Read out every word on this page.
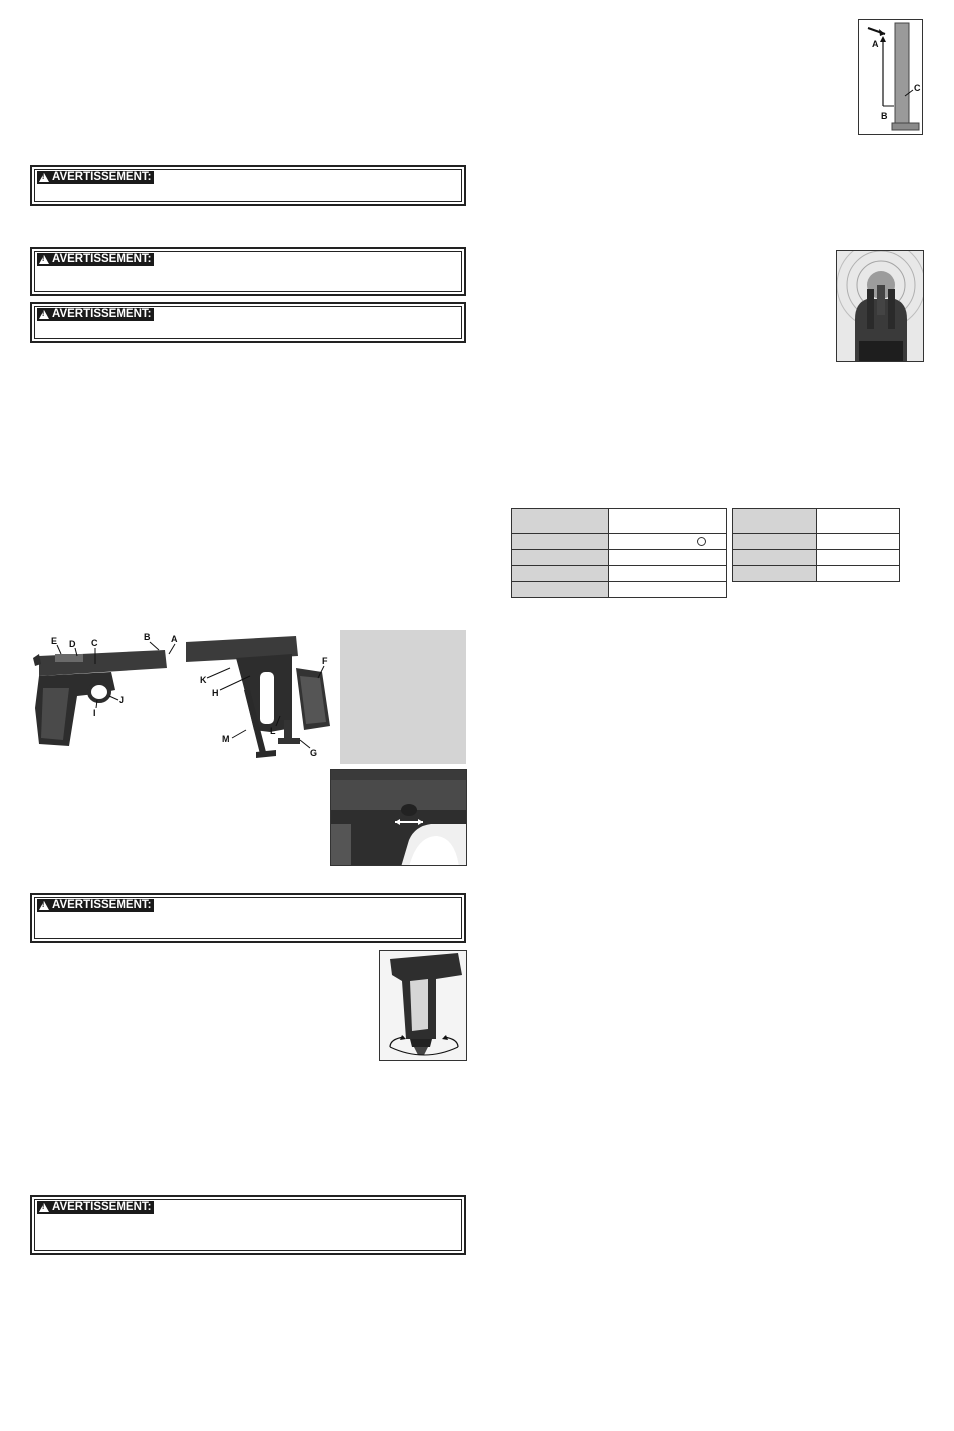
!
AVERTISSEMENT:
!
AVERTISSEMENT:
!
AVERTISSEMENT:
!
AVERTISSEMENT:
!
AVERTISSEMENT:
A
B
C

E D C
B A
J
I
K
H
F
L
M
G
